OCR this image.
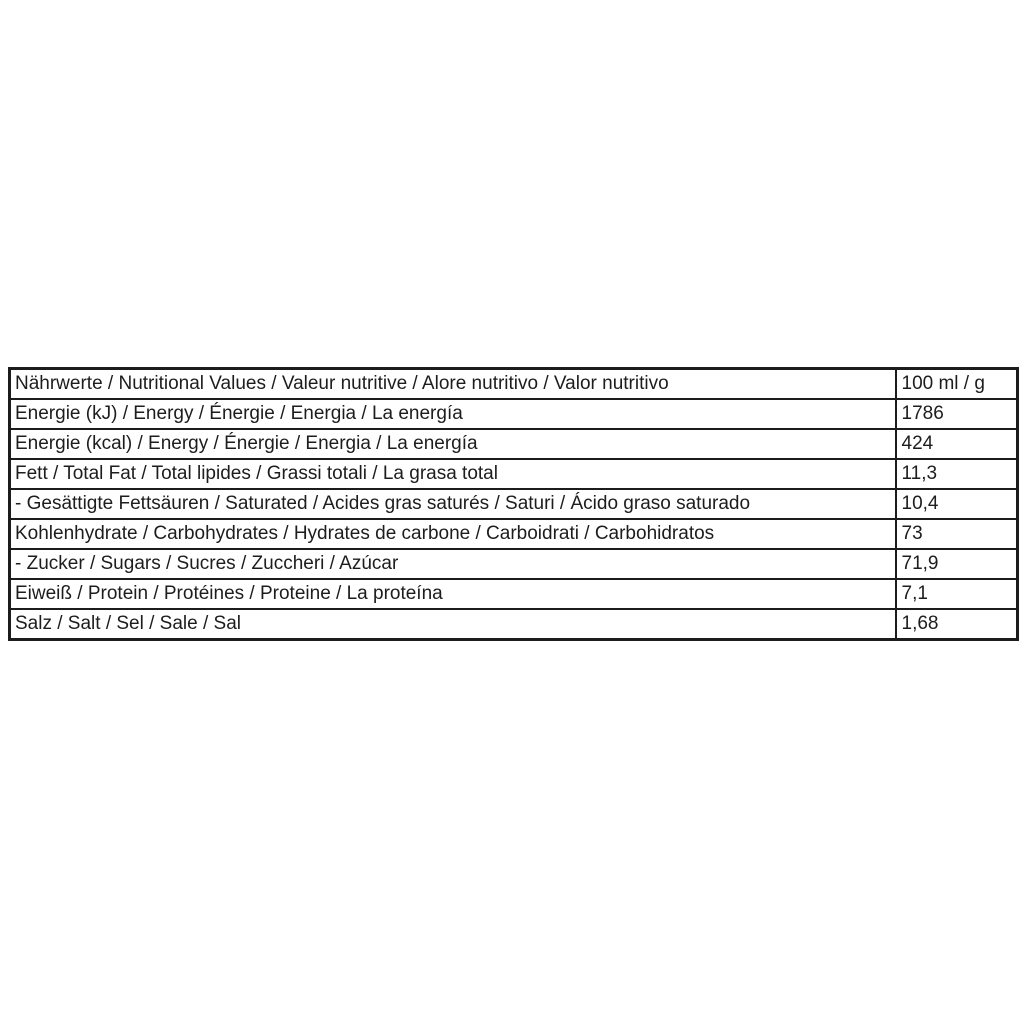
Nährwerte / Nutritional Values / Valeur nutritive / Alore nutritivo / Valor nutritivo	100 ml / g
Energie (kJ) / Energy / Énergie / Energia / La energía	1786
Energie (kcal) / Energy / Énergie / Energia / La energía	424
Fett / Total Fat / Total lipides / Grassi totali / La grasa total	11,3
- Gesättigte Fettsäuren / Saturated / Acides gras saturés / Saturi / Ácido graso saturado	10,4
Kohlenhydrate / Carbohydrates / Hydrates de carbone / Carboidrati / Carbohidratos	73
- Zucker / Sugars / Sucres / Zuccheri / Azúcar	71,9
Eiweiß / Protein / Protéines / Proteine / La proteína	7,1
Salz / Salt / Sel / Sale / Sal	1,68
